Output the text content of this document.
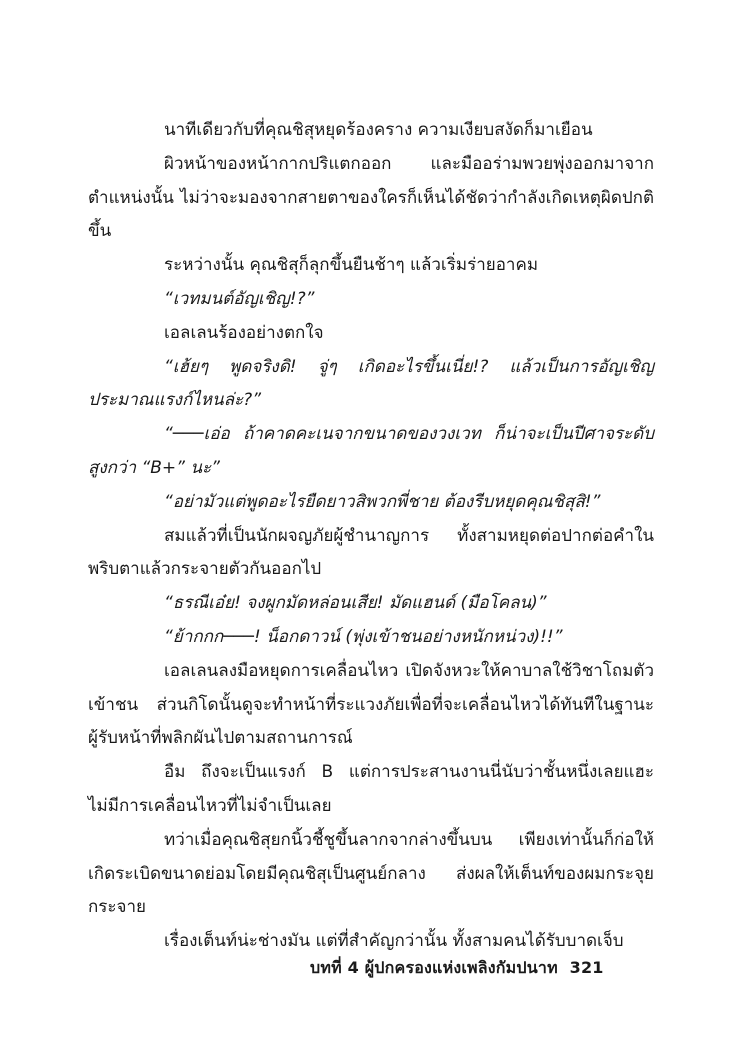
นาทีเดียวกับที่คุณชิสุหยุดร้องคราง ความเงียบสงัดก็มาเยือน

ผิวหน้าของหน้ากากปริแตกออก และมืออร่ามพวยพุ่งออกมาจากตำแหน่งนั้น ไม่ว่าจะมองจากสายตาของใครก็เห็นได้ชัดว่ากำลังเกิดเหตุผิดปกติขึ้น

ระหว่างนั้น คุณชิสุก็ลุกขึ้นยืนช้าๆ แล้วเริ่มร่ายอาคม

“เวทมนต์อัญเชิญ!?”

เอลเลนร้องอย่างตกใจ

“เฮ้ยๆ พูดจริงดิ! จู่ๆ เกิดอะไรขึ้นเนี่ย!? แล้วเป็นการอัญเชิญประมาณแรงก์ไหนล่ะ?”

“───เอ่อ ถ้าคาดคะเนจากขนาดของวงเวท ก็น่าจะเป็นปีศาจระดับสูงกว่า “B+” นะ”

“อย่ามัวแต่พูดอะไรยืดยาวสิพวกพี่ชาย ต้องรีบหยุดคุณชิสุสิ!”

สมแล้วที่เป็นนักผจญภัยผู้ชำนาญการ ทั้งสามหยุดต่อปากต่อคำในพริบตาแล้วกระจายตัวกันออกไป

“ธรณีเอ๋ย! จงผูกมัดหล่อนเสีย! มัดแฮนด์ (มือโคลน)”

“ย้ากกก───! น็อกดาวน์ (พุ่งเข้าชนอย่างหนักหน่วง)!!”

เอลเลนลงมือหยุดการเคลื่อนไหว เปิดจังหวะให้คาบาลใช้วิชาโถมตัวเข้าชน ส่วนกิโดนั้นดูจะทำหน้าที่ระแวงภัยเพื่อที่จะเคลื่อนไหวได้ทันทีในฐานะผู้รับหน้าที่พลิกผันไปตามสถานการณ์

อืม ถึงจะเป็นแรงก์ B แต่การประสานงานนี่นับว่าชั้นหนึ่งเลยแฮะ ไม่มีการเคลื่อนไหวที่ไม่จำเป็นเลย

ทว่าเมื่อคุณชิสุยกนิ้วชี้ชูขึ้นลากจากล่างขึ้นบน เพียงเท่านั้นก็ก่อให้เกิดระเบิดขนาดย่อมโดยมีคุณชิสุเป็นศูนย์กลาง ส่งผลให้เต็นท์ของผมกระจุยกระจาย

เรื่องเต็นท์น่ะช่างมัน แต่ที่สำคัญกว่านั้น ทั้งสามคนได้รับบาดเจ็บ

บทที่ 4 ผู้ปกครองแห่งเพลิงกัมปนาท 321
